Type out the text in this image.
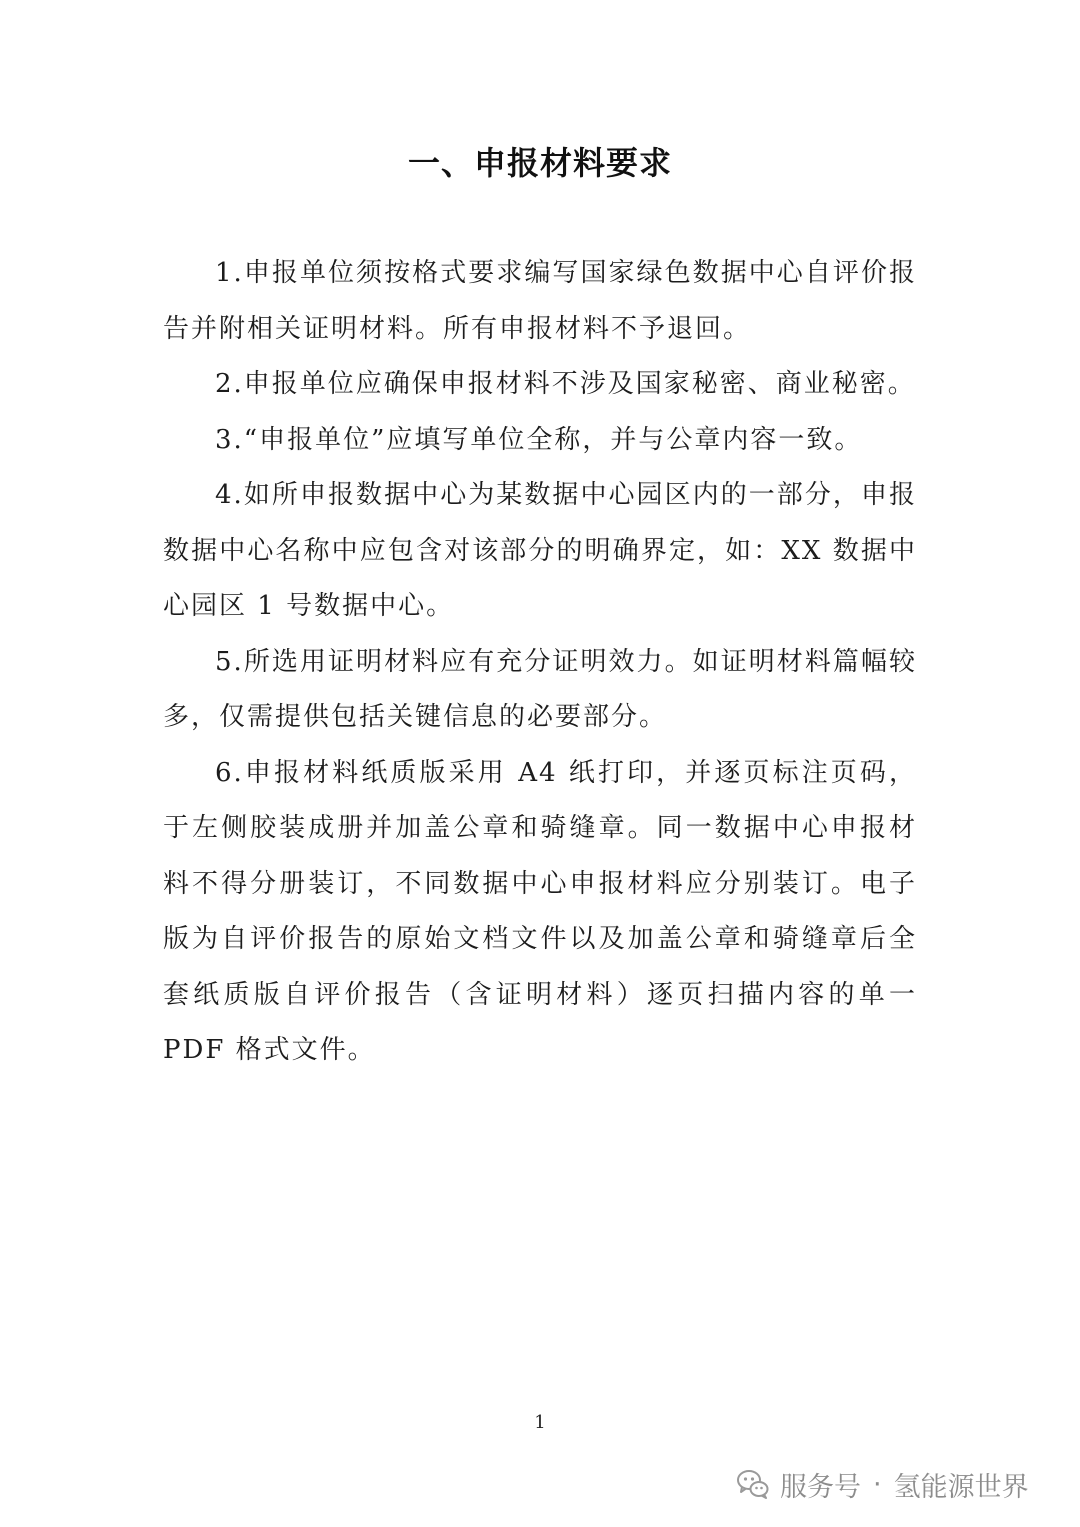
一、申报材料要求

1.申报单位须按格式要求编写国家绿色数据中心自评价报告并附相关证明材料。所有申报材料不予退回。

2.申报单位应确保申报材料不涉及国家秘密、商业秘密。

3.“申报单位”应填写单位全称，并与公章内容一致。

4.如所申报数据中心为某数据中心园区内的一部分，申报数据中心名称中应包含对该部分的明确界定，如：XX 数据中心园区 1 号数据中心。

5.所选用证明材料应有充分证明效力。如证明材料篇幅较多，仅需提供包括关键信息的必要部分。

6.申报材料纸质版采用 A4 纸打印，并逐页标注页码，于左侧胶装成册并加盖公章和骑缝章。同一数据中心申报材料不得分册装订，不同数据中心申报材料应分别装订。电子版为自评价报告的原始文档文件以及加盖公章和骑缝章后全套纸质版自评价报告（含证明材料）逐页扫描内容的单一 PDF 格式文件。

1
服务号 · 氢能源世界
